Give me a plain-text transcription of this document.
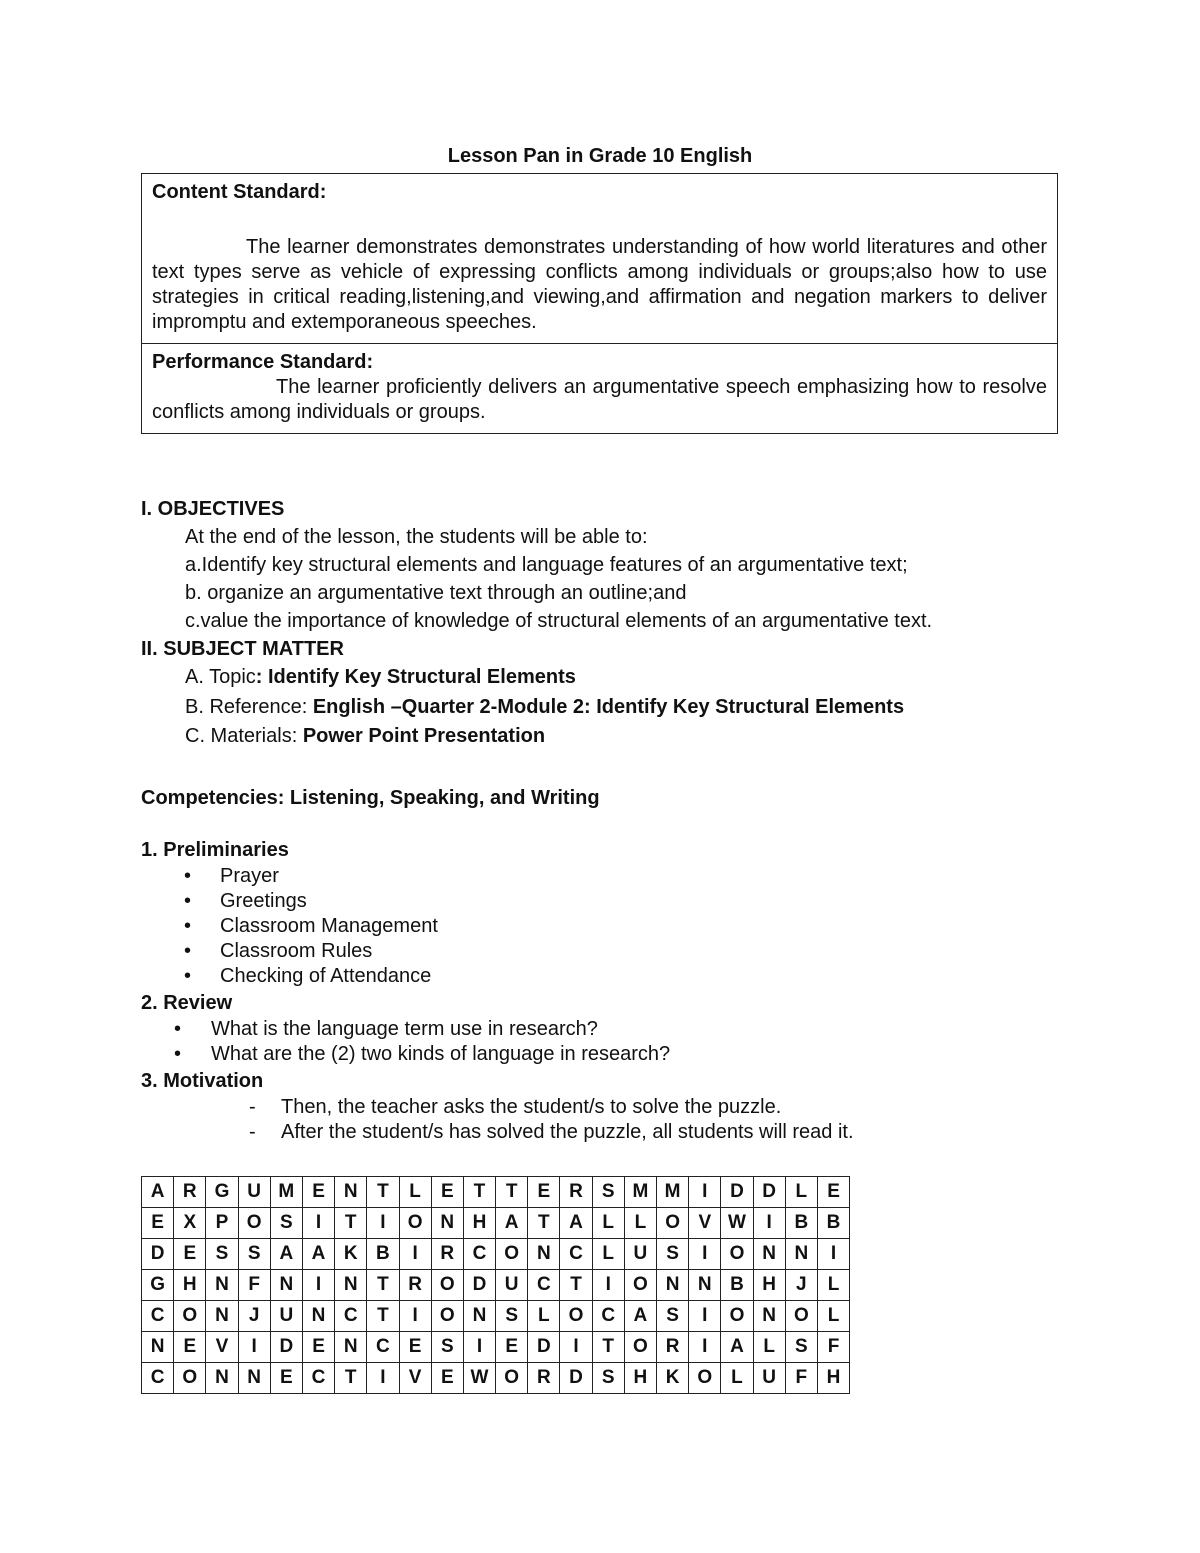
Lesson Pan in Grade 10 English
Content Standard:
The learner demonstrates demonstrates understanding of how world literatures and other text types serve as vehicle of expressing conflicts among individuals or groups;also how to use strategies in critical reading,listening,and viewing,and affirmation and negation markers to deliver impromptu and extemporaneous speeches.

Performance Standard:
The learner proficiently delivers an argumentative speech emphasizing how to resolve conflicts among individuals or groups.
I. OBJECTIVES
At the end of the lesson, the students will be able to:
a.Identify key structural elements and language features of an argumentative text;
b. organize an argumentative text through an outline;and
c.value the importance of knowledge of structural elements of an argumentative text.
II. SUBJECT MATTER
A. Topic: Identify Key Structural Elements
B. Reference: English –Quarter 2-Module 2: Identify Key Structural Elements
C. Materials: Power Point Presentation
Competencies: Listening, Speaking, and Writing
1. Preliminaries
• Prayer
• Greetings
• Classroom Management
• Classroom Rules
• Checking of Attendance
2. Review
• What is the language term use in research?
• What are the (2) two kinds of language in research?
3. Motivation
- Then, the teacher asks the student/s to solve the puzzle.
- After the student/s has solved the puzzle, all students will read it.
A	R	G	U	M	E	N	T	L	E	T	T	E	R	S	M	M	I	D	D	L	E
E	X	P	O	S	I	T	I	O	N	H	A	T	A	L	L	O	V	W	I	B	B
D	E	S	S	A	A	K	B	I	R	C	O	N	C	L	U	S	I	O	N	N	I
G	H	N	F	N	I	N	T	R	O	D	U	C	T	I	O	N	N	B	H	J	L
C	O	N	J	U	N	C	T	I	O	N	S	L	O	C	A	S	I	O	N	O	L
N	E	V	I	D	E	N	C	E	S	I	E	D	I	T	O	R	I	A	L	S	F
C	O	N	N	E	C	T	I	V	E	W	O	R	D	S	H	K	O	L	U	F	H
